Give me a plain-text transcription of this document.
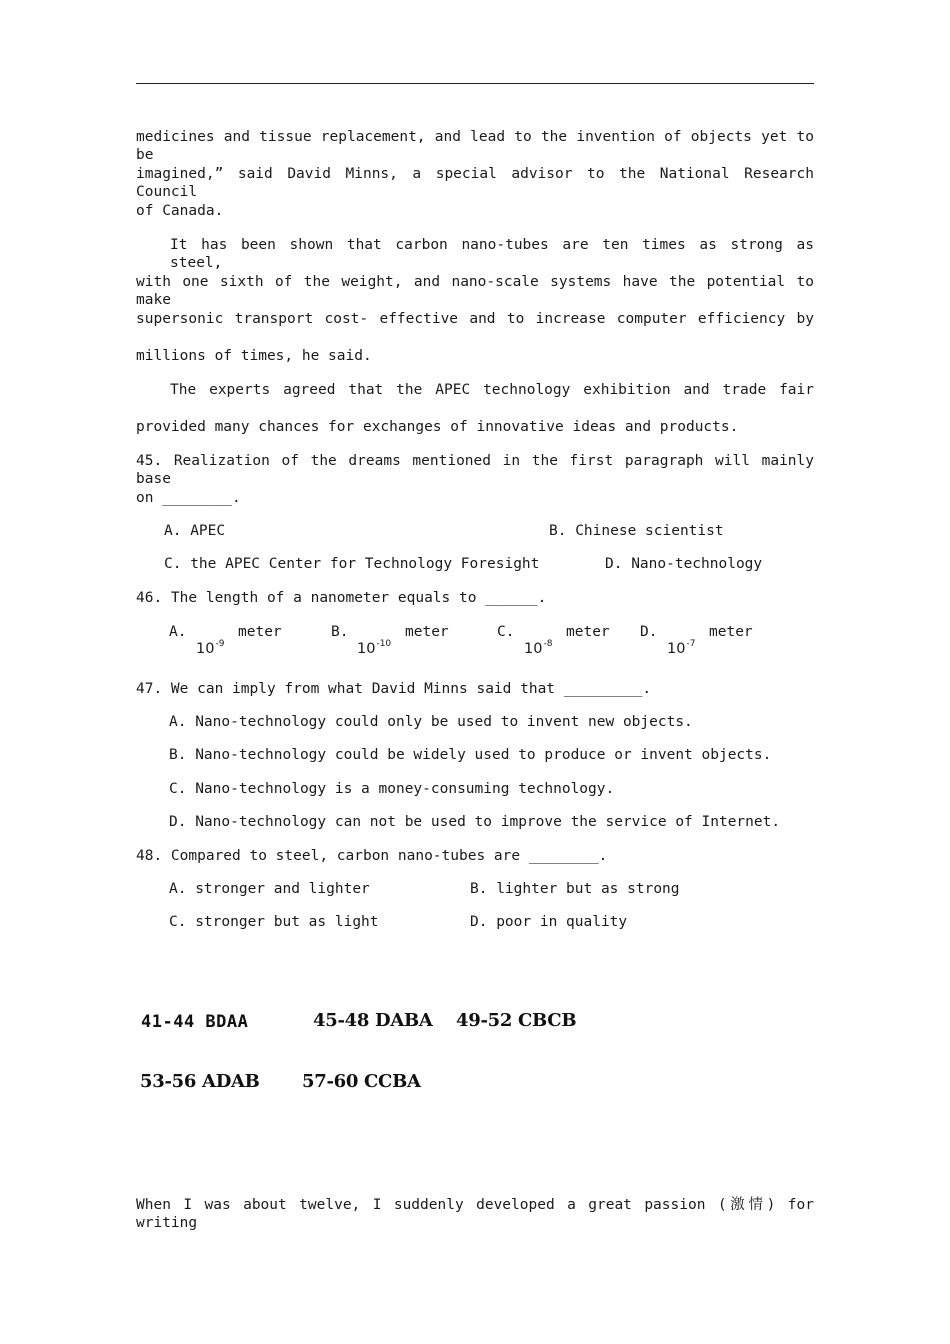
medicines and tissue replacement, and lead to the invention of objects yet to be
imagined,” said David Minns, a special advisor to the National Research Council
of Canada.
It has been shown that carbon nano-tubes are ten times as strong as steel,
with one sixth of the weight, and nano-scale systems have the potential to make
supersonic transport cost- effective and to increase computer efficiency by
millions of times, he said.
The experts agreed that the APEC technology exhibition and trade fair
provided many chances for exchanges of innovative ideas and products.
45. Realization of the dreams mentioned in the first paragraph will mainly base
on ________.
A. APEC	B. Chinese scientist
C. the APEC Center for Technology Foresight	D. Nano-technology
46. The length of a nanometer equals to ______.
A.
$10^{-9}$
meter	B.
$10^{-10}$
meter	C.
$10^{-8}$
meter D.
$10^{-7}$
meter
47. We can imply from what David Minns said that _________.
A. Nano-technology could only be used to invent new objects.
B. Nano-technology could be widely used to produce or invent objects.
C. Nano-technology is a money-consuming technology.
D. Nano-technology can not be used to improve the service of Internet.
48. Compared to steel, carbon nano-tubes are ________.
A. stronger and lighter	B. lighter but as strong
C. stronger but as light	D. poor in quality
41-44 BDAA	45-48 DABA 49-52 CBCB
53-56 ADAB 57-60 CCBA
When I was about twelve, I suddenly developed a great passion (激情) for writing
